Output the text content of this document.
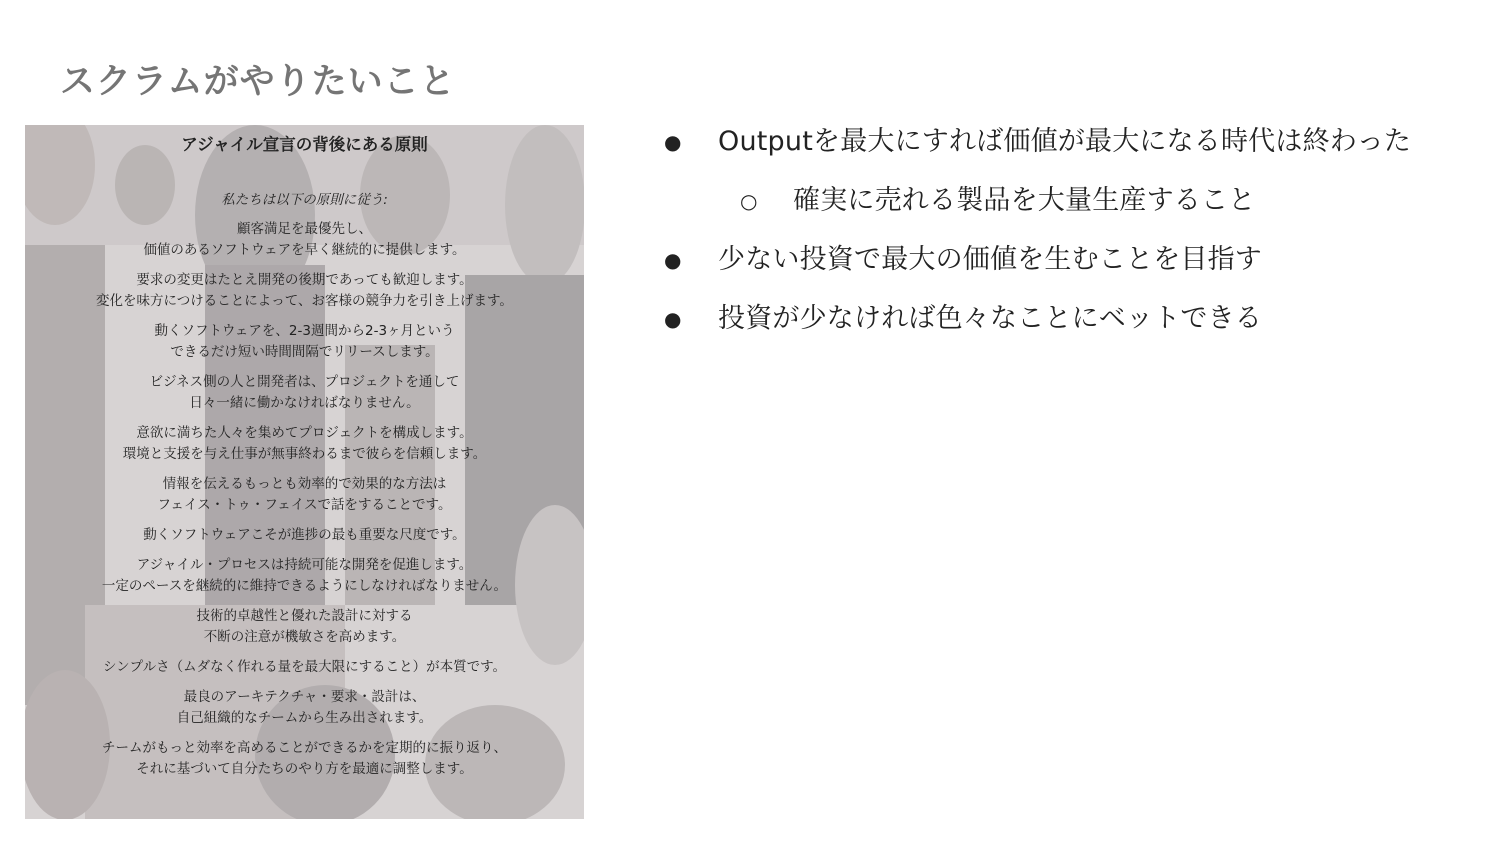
スクラムがやりたいこと
アジャイル宣言の背後にある原則
私たちは以下の原則に従う:
顧客満足を最優先し、
価値のあるソフトウェアを早く継続的に提供します。
要求の変更はたとえ開発の後期であっても歓迎します。
変化を味方につけることによって、お客様の競争力を引き上げます。
動くソフトウェアを、2-3週間から2-3ヶ月という
できるだけ短い時間間隔でリリースします。
ビジネス側の人と開発者は、プロジェクトを通して
日々一緒に働かなければなりません。
意欲に満ちた人々を集めてプロジェクトを構成します。
環境と支援を与え仕事が無事終わるまで彼らを信頼します。
情報を伝えるもっとも効率的で効果的な方法は
フェイス・トゥ・フェイスで話をすることです。
動くソフトウェアこそが進捗の最も重要な尺度です。
アジャイル・プロセスは持続可能な開発を促進します。
一定のペースを継続的に維持できるようにしなければなりません。
技術的卓越性と優れた設計に対する
不断の注意が機敏さを高めます。
シンプルさ（ムダなく作れる量を最大限にすること）が本質です。
最良のアーキテクチャ・要求・設計は、
自己組織的なチームから生み出されます。
チームがもっと効率を高めることができるかを定期的に振り返り、
それに基づいて自分たちのやり方を最適に調整します。
● Outputを最大にすれば価値が最大になる時代は終わった
○ 確実に売れる製品を大量生産すること
● 少ない投資で最大の価値を生むことを目指す
● 投資が少なければ色々なことにベットできる
